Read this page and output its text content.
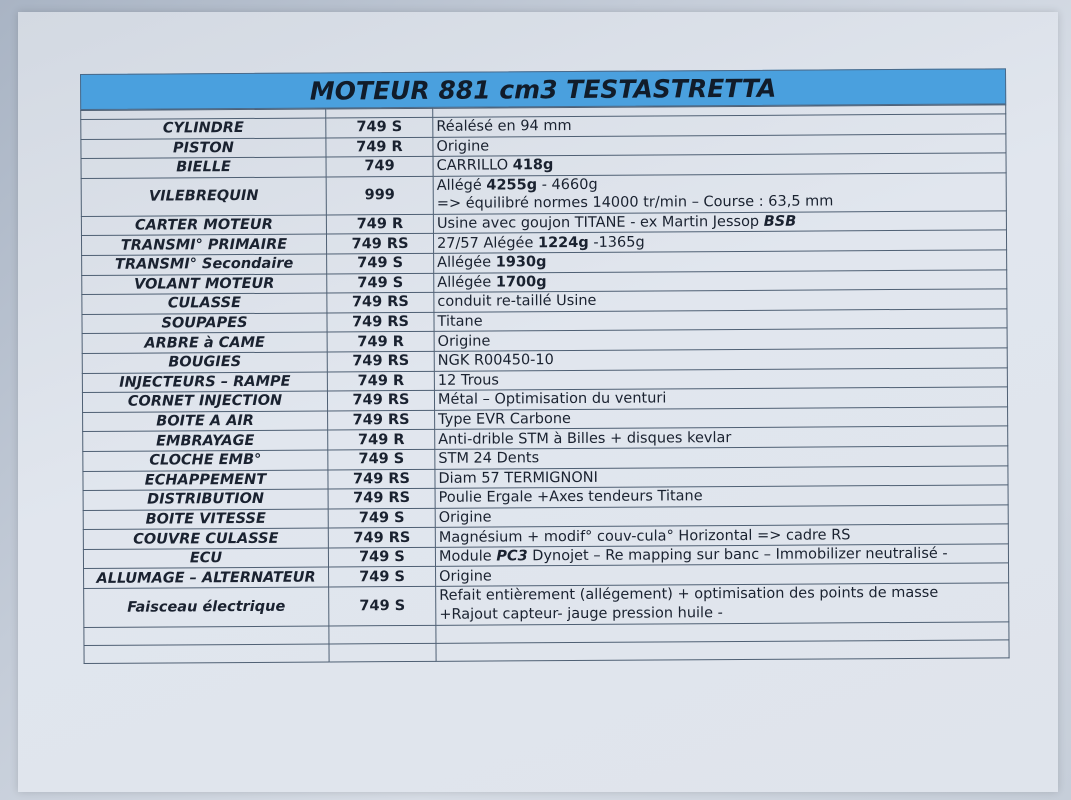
MOTEUR 881 cm3 TESTASTRETTA

CYLINDRE	749 S	Réalésé en 94 mm
PISTON	749 R	Origine
BIELLE	749	CARRILLO 418g
VILEBREQUIN	999	Allégé 4255g - 4660g
=> équilibré normes 14000 tr/min – Course : 63,5 mm
CARTER MOTEUR	749 R	Usine avec goujon TITANE - ex Martin Jessop BSB
TRANSMI° PRIMAIRE	749 RS	27/57 Alégée 1224g -1365g
TRANSMI° Secondaire	749 S	Allégée 1930g
VOLANT MOTEUR	749 S	Allégée 1700g
CULASSE	749 RS	conduit re-taillé Usine
SOUPAPES	749 RS	Titane
ARBRE à CAME	749 R	Origine
BOUGIES	749 RS	NGK R00450-10
INJECTEURS – RAMPE	749 R	12 Trous
CORNET INJECTION	749 RS	Métal – Optimisation du venturi
BOITE A AIR	749 RS	Type EVR Carbone
EMBRAYAGE	749 R	Anti-drible STM à Billes + disques kevlar
CLOCHE EMB°	749 S	STM 24 Dents
ECHAPPEMENT	749 RS	Diam 57 TERMIGNONI
DISTRIBUTION	749 RS	Poulie Ergale +Axes tendeurs Titane
BOITE VITESSE	749 S	Origine
COUVRE CULASSE	749 RS	Magnésium + modif° couv-cula° Horizontal => cadre RS
ECU	749 S	Module PC3 Dynojet – Re mapping sur banc – Immobilizer neutralisé -
ALLUMAGE – ALTERNATEUR	749 S	Origine
Faisceau électrique	749 S	Refait entièrement (allégement) + optimisation des points de masse
+Rajout capteur- jauge pression huile -
